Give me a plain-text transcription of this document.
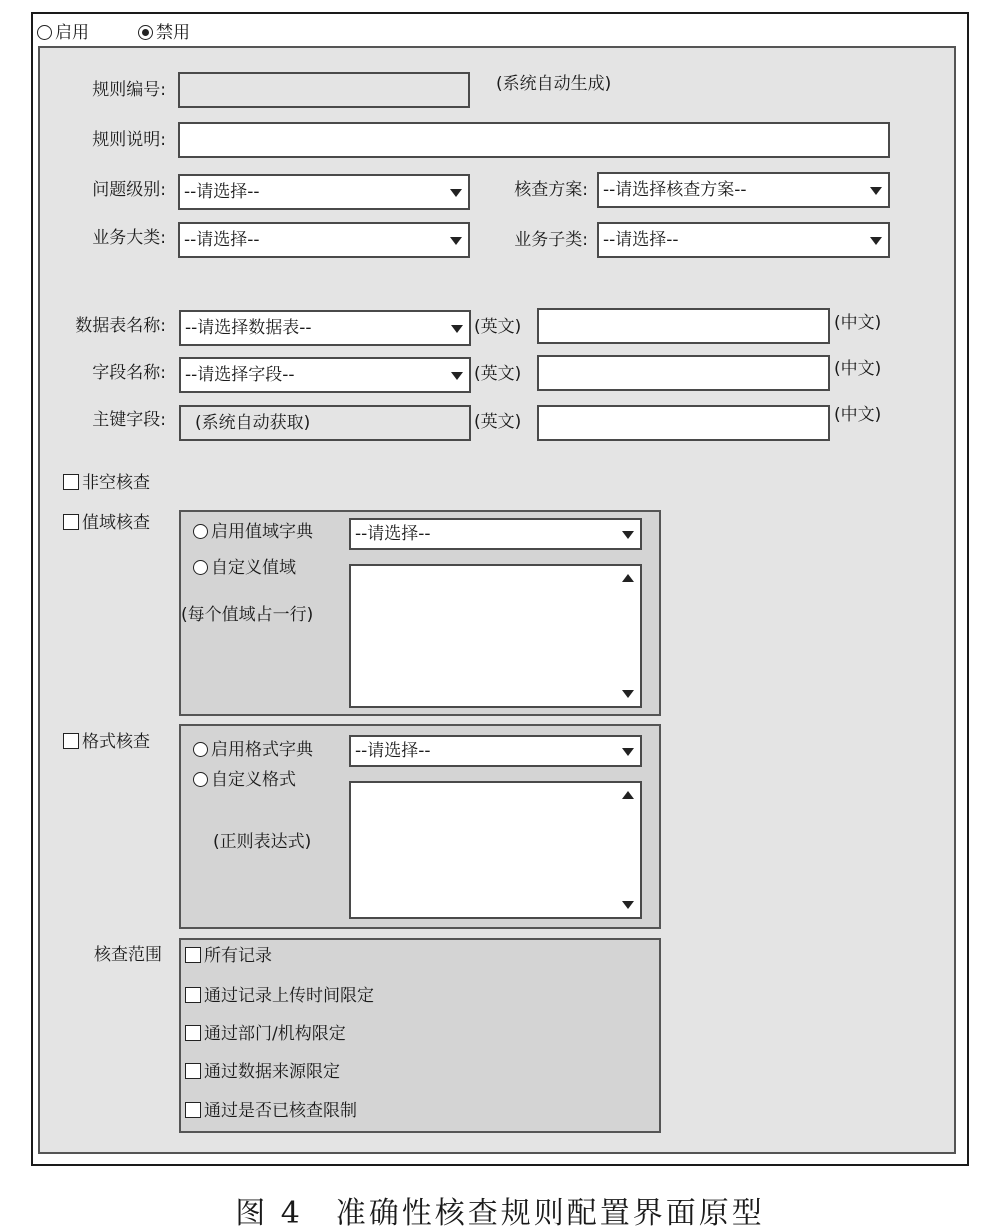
启用	禁用
规则编号:	(系统自动生成)
规则说明:
问题级别:	--请选择--	核查方案: --请选择核查方案--
业务大类:	--请选择--	业务子类: --请选择--
数据表名称:	--请选择数据表--	(英文)	(中文)
字段名称:	--请选择字段--	(英文)	(中文)
主键字段:	(系统自动获取)	(英文)	(中文)
非空核查
值域核查	启用值域字典	--请选择--
自定义值域
(每个值域占一行)
格式核查	启用格式字典	--请选择--
自定义格式
(正则表达式)
核查范围	所有记录
通过记录上传时间限定
通过部门/机构限定
通过数据来源限定
通过是否已核查限制
图 4　准确性核查规则配置界面原型
